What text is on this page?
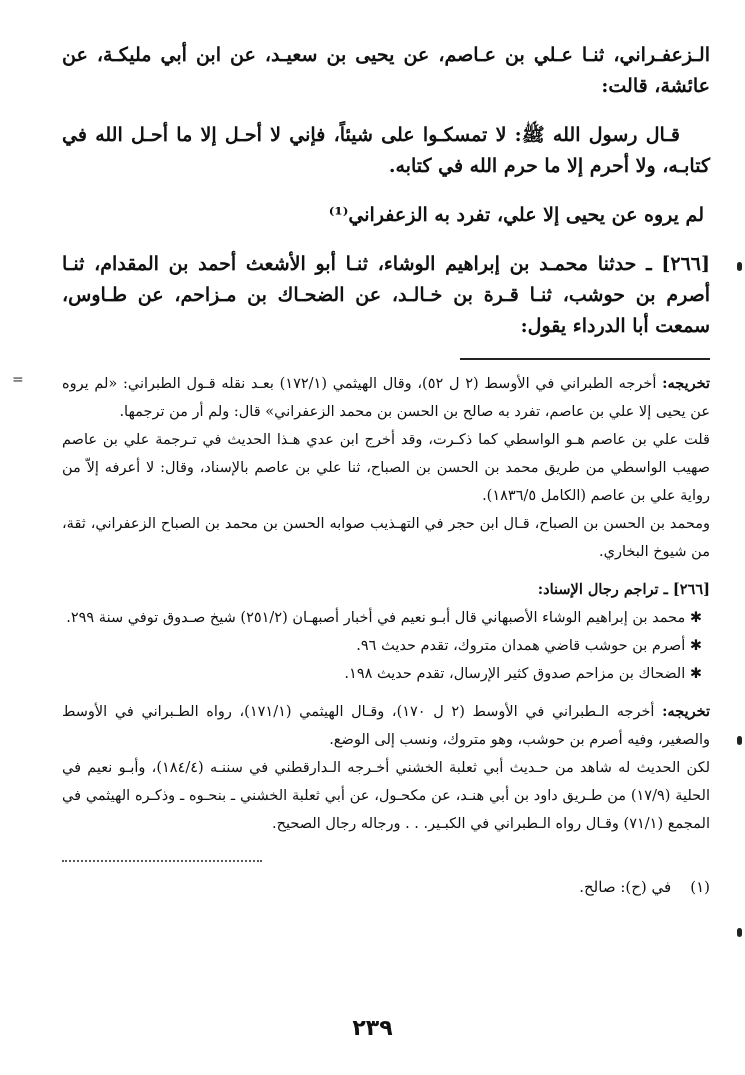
الـزعفـراني، ثنـا عـلي بن عـاصم، عن يحيى بن سعيـد، عن ابن أبي مليكـة، عن عائشة، قالت:

قـال رسول الله ﷺ: لا تمسكـوا على شيئاً، فإني لا أحـل إلا ما أحـل الله في كتابـه، ولا أحرم إلا ما حرم الله في كتابه.

لم يروه عن يحيى إلا علي، تفرد به الزعفراني⁽¹⁾

[٢٦٦] ـ حدثنا محمـد بن إبراهيم الوشاء، ثنـا أبو الأشعث أحمد بن المقدام، ثنـا أصرم بن حوشب، ثنـا قـرة بن خـالـد، عن الضحـاك بن مـزاحم، عن طـاوس، سمعت أبا الدرداء يقول:

تخريجه: أخرجه الطبراني في الأوسط (٢ ل ٥٢)، وقال الهيثمي (١٧٢/١) بعـد نقله قـول الطبراني: «لم يروه عن يحيى إلا علي بن عاصم، تفرد به صالح بن الحسن بن محمد الزعفراني» قال: ولم أر من ترجمها.

قلت علي بن عاصم هـو الواسطي كما ذكـرت، وقد أخرج ابن عدي هـذا الحديث في تـرجمة علي بن عاصم صهيب الواسطي من طريق محمد بن الحسن بن الصباح، ثنا علي بن عاصم بالإسناد، وقال: لا أعرفه إلاّ من رواية علي بن عاصم (الكامل ١٨٣٦/٥).

ومحمد بن الحسن بن الصباح، قـال ابن حجر في التهـذيب صوابه الحسن بن محمد بن الصباح الزعفراني، ثقة، من شيوخ البخاري.

[٢٦٦] ـ تراجم رجال الإسناد:

✱ محمد بن إبراهيم الوشاء الأصبهاني قال أبـو نعيم في أخبار أصبهـان (٢٥١/٢) شيخ صـدوق توفي سنة ٢٩٩.

✱ أصرم بن حوشب قاضي همدان متروك، تقدم حديث ٩٦.

✱ الضحاك بن مزاحم صدوق كثير الإرسال، تقدم حديث ١٩٨.

تخريجه: أخرجه الـطبراني في الأوسط (٢ ل ١٧٠)، وقـال الهيثمي (١٧١/١)، رواه الطـبراني في الأوسط والصغير، وفيه أصرم بن حوشب، وهو متروك، ونسب إلى الوضع.

لكن الحديث له شاهد من حـديث أبي ثعلبة الخشني أخـرجه الـدارقطني في سننـه (١٨٤/٤)، وأبـو نعيم في الحلية (١٧/٩) من طـريق داود بن أبي هنـد، عن مكحـول، عن أبي ثعلبة الخشني ـ بنحـوه ـ وذكـره الهيثمي في المجمع (٧١/١) وقـال رواه الـطبراني في الكبـير. . . ورجاله رجال الصحيح.

(١) في (ح): صالح.
٢٣٩
=
